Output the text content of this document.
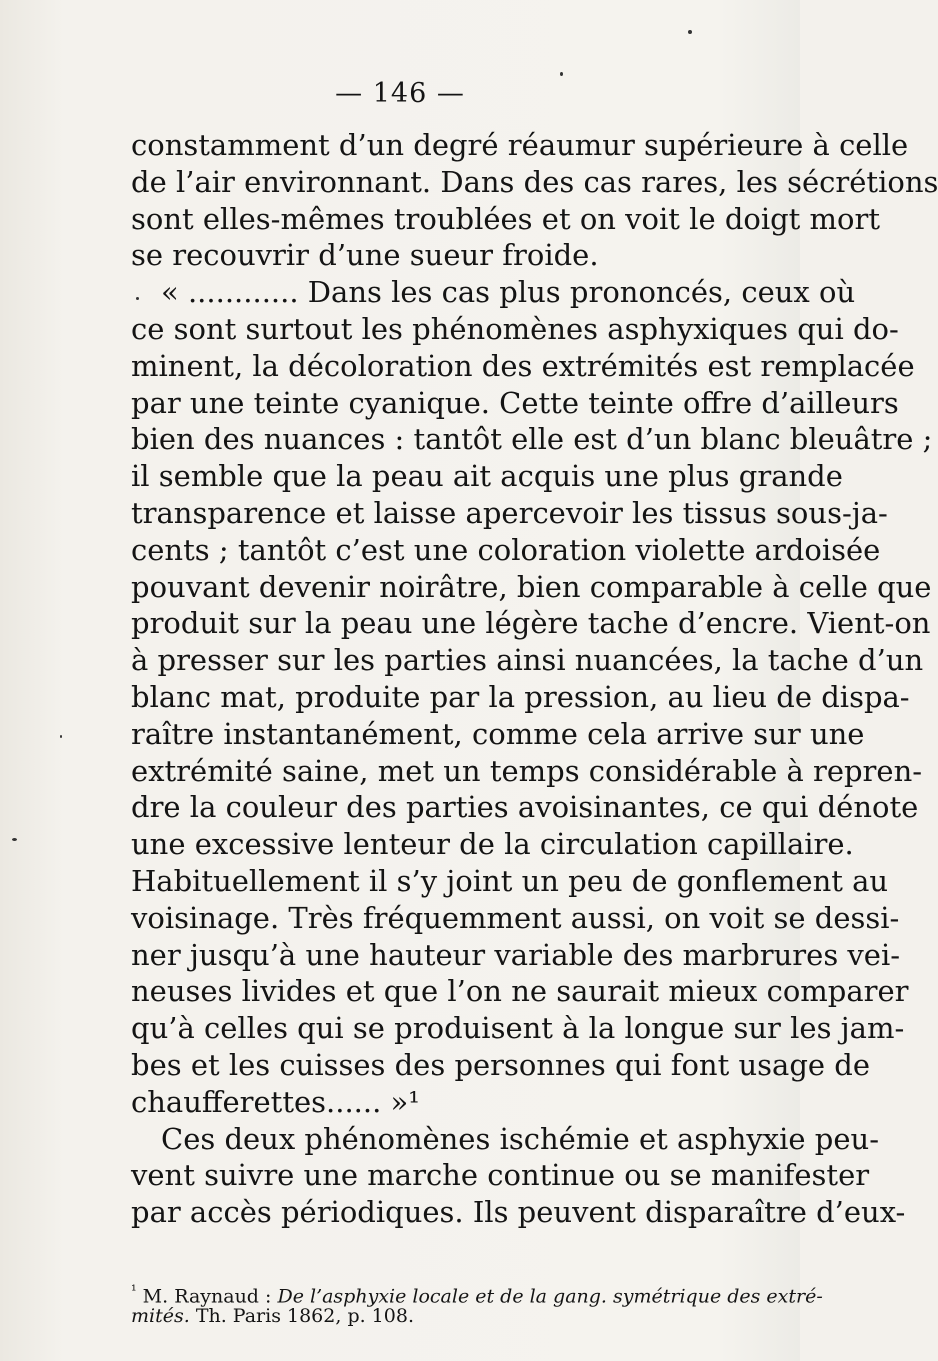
— 146 —
constamment d’un degré réaumur supérieure à celle
de l’air environnant. Dans des cas rares, les sécrétions
sont elles-mêmes troublées et on voit le doigt mort
se recouvrir d’une sueur froide.
« ............ Dans les cas plus prononcés, ceux où
ce sont surtout les phénomènes asphyxiques qui do-
minent, la décoloration des extrémités est remplacée
par une teinte cyanique. Cette teinte offre d’ailleurs
bien des nuances : tantôt elle est d’un blanc bleuâtre ;
il semble que la peau ait acquis une plus grande
transparence et laisse apercevoir les tissus sous-ja-
cents ; tantôt c’est une coloration violette ardoisée
pouvant devenir noirâtre, bien comparable à celle que
produit sur la peau une légère tache d’encre. Vient-on
à presser sur les parties ainsi nuancées, la tache d’un
blanc mat, produite par la pression, au lieu de dispa-
raître instantanément, comme cela arrive sur une
extrémité saine, met un temps considérable à repren-
dre la couleur des parties avoisinantes, ce qui dénote
une excessive lenteur de la circulation capillaire.
Habituellement il s’y joint un peu de gonflement au
voisinage. Très fréquemment aussi, on voit se dessi-
ner jusqu’à une hauteur variable des marbrures vei-
neuses livides et que l’on ne saurait mieux comparer
qu’à celles qui se produisent à la longue sur les jam-
bes et les cuisses des personnes qui font usage de
chaufferettes...... »¹
Ces deux phénomènes ischémie et asphyxie peu-
vent suivre une marche continue ou se manifester
par accès périodiques. Ils peuvent disparaître d’eux-
$^{^1}$ M. Raynaud : De l’asphyxie locale et de la gang. symétrique des extré-
mités. Th. Paris 1862, p. 108.
